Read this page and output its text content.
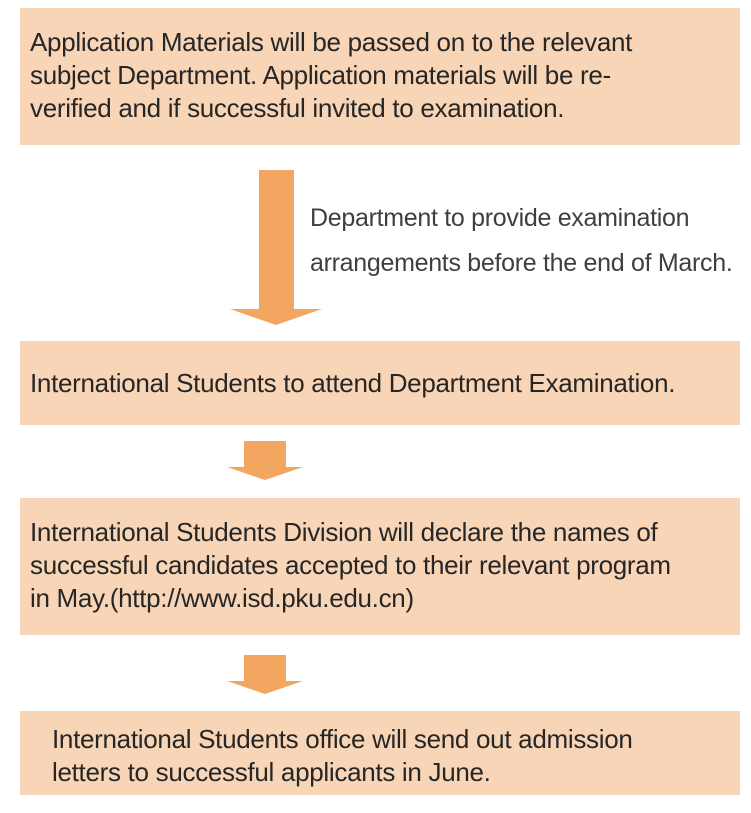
Application Materials will be passed on to the relevant
subject Department. Application materials will be re-
verified and if successful invited to examination.
Department to provide examination
arrangements before the end of March.
International Students to attend Department Examination.
International Students Division will declare the names of
successful candidates accepted to their relevant program
in May.(http://www.isd.pku.edu.cn)
International Students office will send out admission
letters to successful applicants in June.
